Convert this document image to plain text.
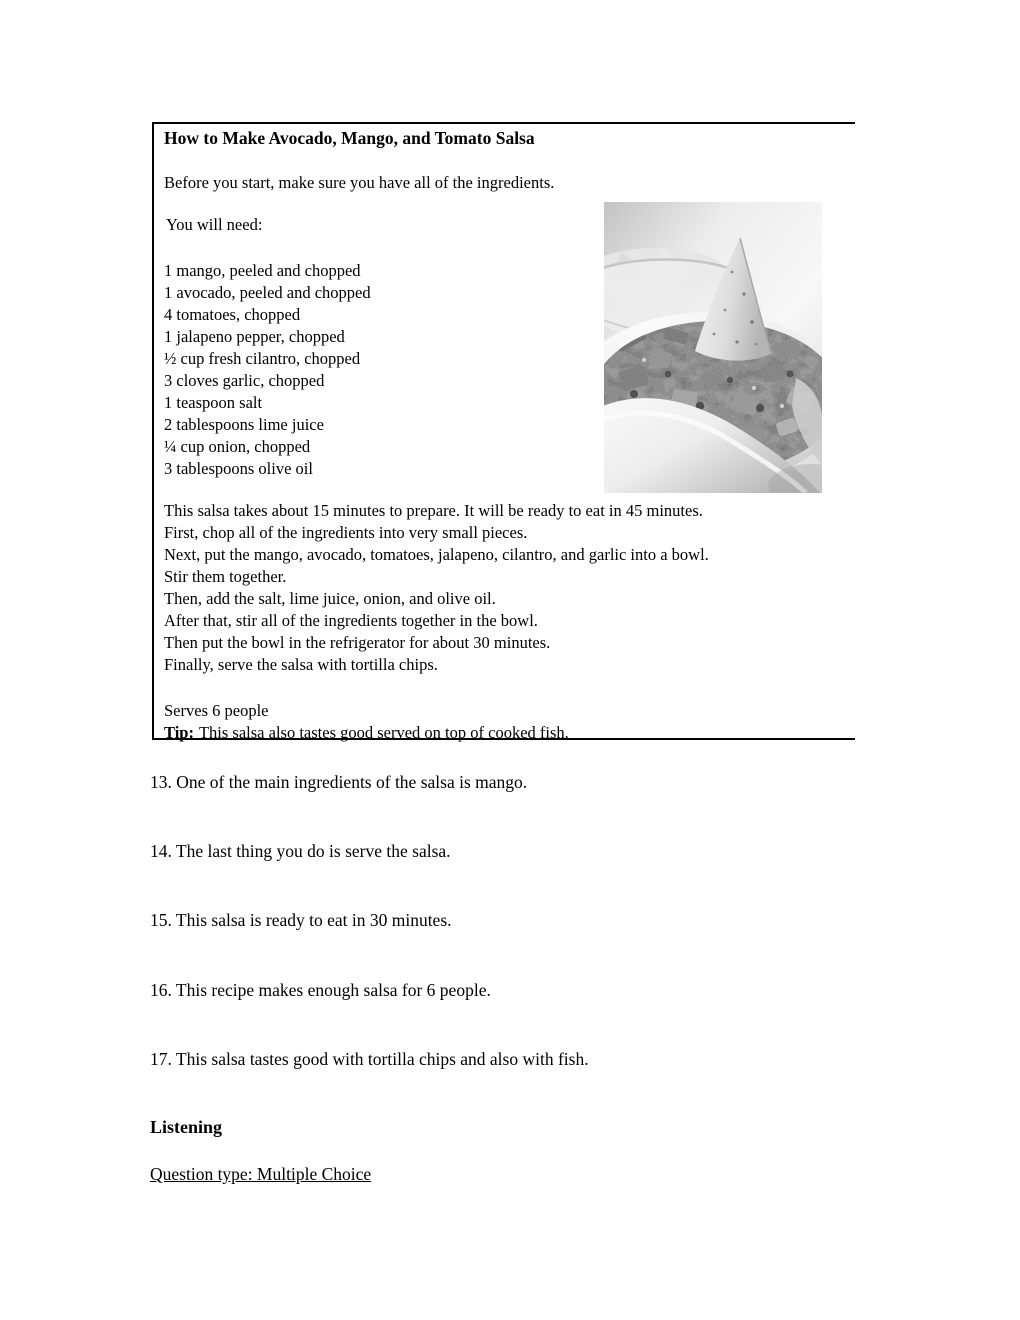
How to Make Avocado, Mango, and Tomato Salsa
Before you start, make sure you have all of the ingredients.
You will need:
1 mango, peeled and chopped
1 avocado, peeled and chopped
4 tomatoes, chopped
1 jalapeno pepper, chopped
½ cup fresh cilantro, chopped
3 cloves garlic, chopped
1 teaspoon salt
2 tablespoons lime juice
¼ cup onion, chopped
3 tablespoons olive oil
This salsa takes about 15 minutes to prepare. It will be ready to eat in 45 minutes.
First, chop all of the ingredients into very small pieces.
Next, put the mango, avocado, tomatoes, jalapeno, cilantro, and garlic into a bowl.
Stir them together.
Then, add the salt, lime juice, onion, and olive oil.
After that, stir all of the ingredients together in the bowl.
Then put the bowl in the refrigerator for about 30 minutes.
Finally, serve the salsa with tortilla chips.
Serves 6 people
Tip: This salsa also tastes good served on top of cooked fish.
13. One of the main ingredients of the salsa is mango.
14. The last thing you do is serve the salsa.
15. This salsa is ready to eat in 30 minutes.
16. This recipe makes enough salsa for 6 people.
17. This salsa tastes good with tortilla chips and also with fish.
Listening
Question type: Multiple Choice
